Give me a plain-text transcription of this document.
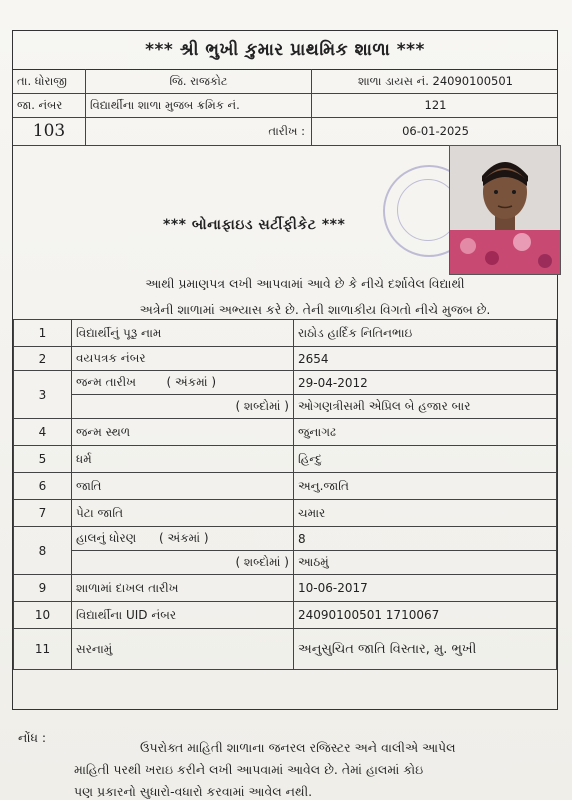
*** શ્રી ભુખી કુમાર પ્રાથમિક શાળા ***
તા. ધોરાજી	જિ. રાજકોટ	શાળા ડાયસ નં. 24090100501
જા. નંબર	વિદ્યાર્થીના શાળા મુજબ ક્રમિક નં.	121
103	તારીખ :	06-01-2025
*** બોનાફાઇડ સર્ટીફીકેટ ***

આથી પ્રમાણપત્ર લખી આપવામાં આવે છે કે નીચે દર્શાવેલ વિદ્યાથી

અત્રેની શાળામાં અભ્યાસ કરે છે. તેની શાળાકીય વિગતો નીચે મુજબ છે.

1	વિદ્યાર્થીનું પૂરૂ નામ	રાઠોડ હાર્દિક નિતિનભાઇ
2	વયપત્રક નંબર	2654
3	જન્મ તારીખ        ( અંકમાં )	29-04-2012
	( શબ્દોમાં )	ઓગણત્રીસમી એપ્રિલ બે હજાર બાર
4	જન્મ સ્થળ	જુનાગઢ
5	ધર્મ	હિન્દુ
6	જાતિ	અનુ.જાતિ
7	પેટા જાતિ	ચમાર
8	હાલનું ધોરણ      ( અંકમાં )	8
	( શબ્દોમાં )	આઠમું
9	શાળામાં દાખલ તારીખ	10-06-2017
10	વિદ્યાર્થીના UID નંબર	24090100501 1710067
11	સરનામું	અનુસુચિત જાતિ વિસ્તાર, મુ. ભુખી
નોંધ :
ઉપરોક્ત માહિતી શાળાના જનરલ રજિસ્ટર અને વાલીએ આપેલ
માહિતી પરથી ખરાઇ કરીને લખી આપવામાં આવેલ છે. તેમાં હાલમાં કોઇ
પણ પ્રકારનો સુધારો-વધારો કરવામાં આવેલ નથી.
